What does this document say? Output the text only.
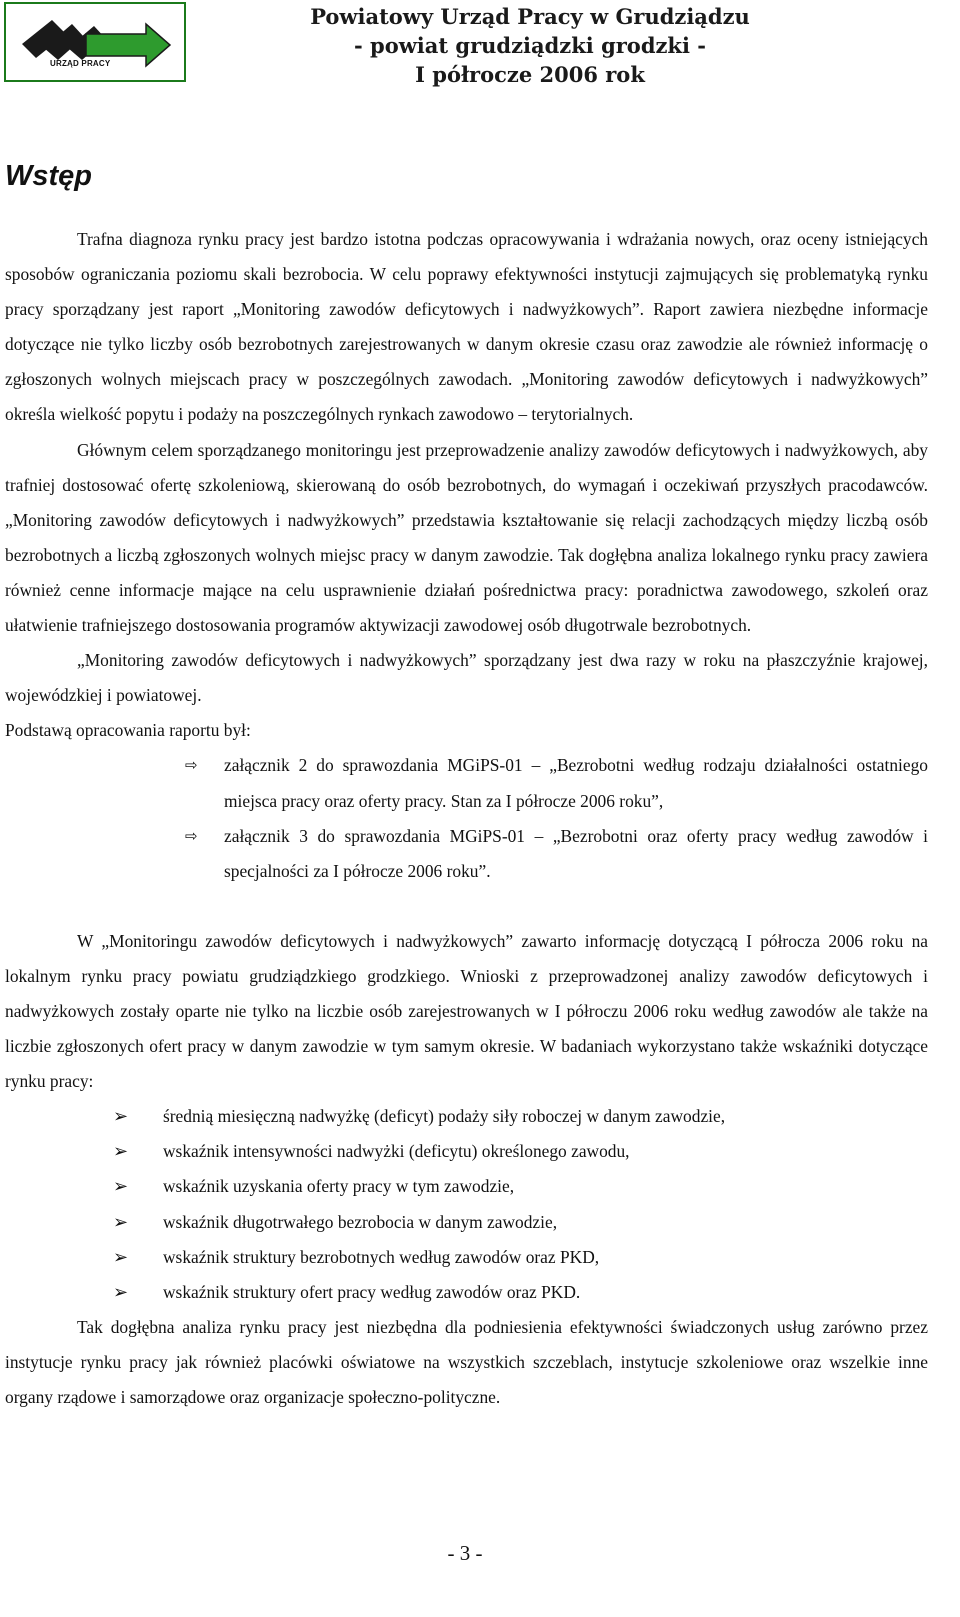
URZĄD PRACY
Powiatowy Urząd Pracy w Grudziądzu
- powiat grudziądzki grodzki -
I półrocze 2006 rok
Wstęp

Trafna diagnoza rynku pracy jest bardzo istotna podczas opracowywania i wdrażania nowych, oraz oceny istniejących sposobów ograniczania poziomu skali bezrobocia. W celu poprawy efektywności instytucji zajmujących się problematyką rynku pracy sporządzany jest raport „Monitoring zawodów deficytowych i nadwyżkowych”. Raport zawiera niezbędne informacje dotyczące nie tylko liczby osób bezrobotnych zarejestrowanych w danym okresie czasu oraz zawodzie ale również informację o zgłoszonych wolnych miejscach pracy w poszczególnych zawodach. „Monitoring zawodów deficytowych i nadwyżkowych” określa wielkość popytu i podaży na poszczególnych rynkach zawodowo – terytorialnych.

Głównym celem sporządzanego monitoringu jest przeprowadzenie analizy zawodów deficytowych i nadwyżkowych, aby trafniej dostosować ofertę szkoleniową, skierowaną do osób bezrobotnych, do wymagań i oczekiwań przyszłych pracodawców. „Monitoring zawodów deficytowych i nadwyżkowych” przedstawia kształtowanie się relacji zachodzących między liczbą osób bezrobotnych a liczbą zgłoszonych wolnych miejsc pracy w danym zawodzie. Tak dogłębna analiza lokalnego rynku pracy zawiera również cenne informacje mające na celu usprawnienie działań pośrednictwa pracy: poradnictwa zawodowego, szkoleń oraz ułatwienie trafniejszego dostosowania programów aktywizacji zawodowej osób długotrwale bezrobotnych.

„Monitoring zawodów deficytowych i nadwyżkowych” sporządzany jest dwa razy w roku na płaszczyźnie krajowej, wojewódzkiej i powiatowej.

Podstawą opracowania raportu był:

⇨ załącznik 2 do sprawozdania MGiPS-01 – „Bezrobotni według rodzaju działalności ostatniego miejsca pracy oraz oferty pracy. Stan za I półrocze 2006 roku”,
⇨ załącznik 3 do sprawozdania MGiPS-01 – „Bezrobotni oraz oferty pracy według zawodów i specjalności za I półrocze 2006 roku”.

W „Monitoringu zawodów deficytowych i nadwyżkowych” zawarto informację dotyczącą I półrocza 2006 roku na lokalnym rynku pracy powiatu grudziądzkiego grodzkiego. Wnioski z przeprowadzonej analizy zawodów deficytowych i nadwyżkowych zostały oparte nie tylko na liczbie osób zarejestrowanych w I półroczu 2006 roku według zawodów ale także na liczbie zgłoszonych ofert pracy w danym zawodzie w tym samym okresie. W badaniach wykorzystano także wskaźniki dotyczące rynku pracy:

➢ średnią miesięczną nadwyżkę (deficyt) podaży siły roboczej w danym zawodzie,
➢ wskaźnik intensywności nadwyżki (deficytu) określonego zawodu,
➢ wskaźnik uzyskania oferty pracy w tym zawodzie,
➢ wskaźnik długotrwałego bezrobocia w danym zawodzie,
➢ wskaźnik struktury bezrobotnych według zawodów oraz PKD,
➢ wskaźnik struktury ofert pracy według zawodów oraz PKD.

Tak dogłębna analiza rynku pracy jest niezbędna dla podniesienia efektywności świadczonych usług zarówno przez instytucje rynku pracy jak również placówki oświatowe na wszystkich szczeblach, instytucje szkoleniowe oraz wszelkie inne organy rządowe i samorządowe oraz organizacje społeczno-polityczne.

- 3 -
